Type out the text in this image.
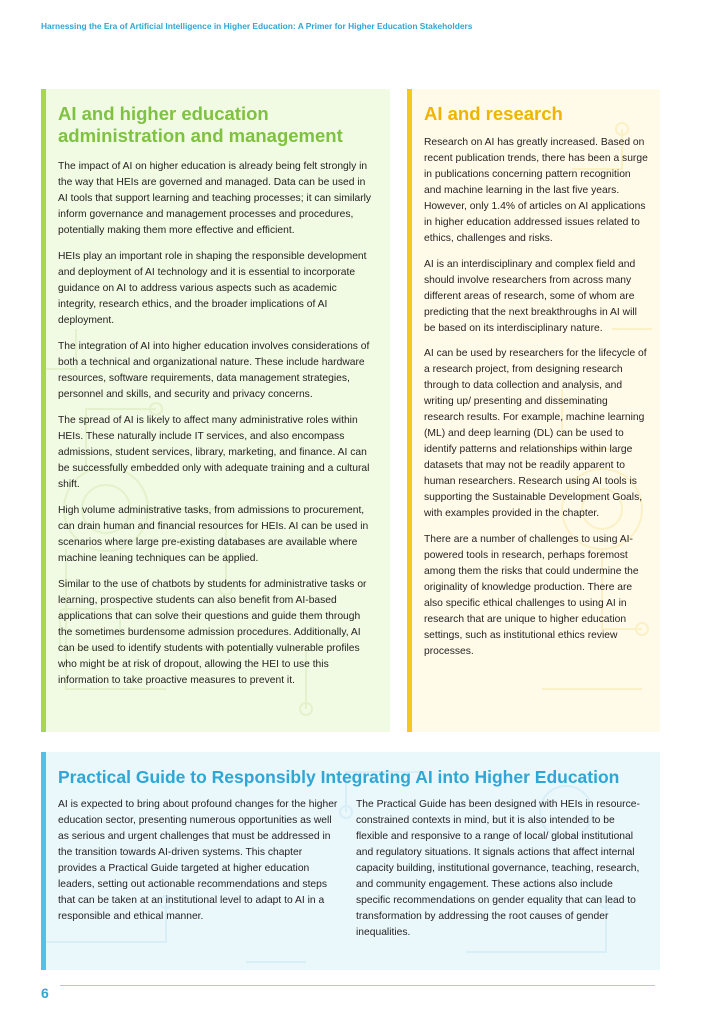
Harnessing the Era of Artificial Intelligence in Higher Education: A Primer for Higher Education Stakeholders
AI and higher education administration and management

The impact of AI on higher education is already being felt strongly in the way that HEIs are governed and managed. Data can be used in AI tools that support learning and teaching processes; it can similarly inform governance and management processes and procedures, potentially making them more effective and efficient.

HEIs play an important role in shaping the responsible development and deployment of AI technology and it is essential to incorporate guidance on AI to address various aspects such as academic integrity, research ethics, and the broader implications of AI deployment.

The integration of AI into higher education involves considerations of both a technical and organizational nature. These include hardware resources, software requirements, data management strategies, personnel and skills, and security and privacy concerns.

The spread of AI is likely to affect many administrative roles within HEIs. These naturally include IT services, and also encompass admissions, student services, library, marketing, and finance. AI can be successfully embedded only with adequate training and a cultural shift.

High volume administrative tasks, from admissions to procurement, can drain human and financial resources for HEIs. AI can be used in scenarios where large pre-existing databases are available where machine leaning techniques can be applied.

Similar to the use of chatbots by students for administrative tasks or learning, prospective students can also benefit from AI-based applications that can solve their questions and guide them through the sometimes burdensome admission procedures. Additionally, AI can be used to identify students with potentially vulnerable profiles who might be at risk of dropout, allowing the HEI to use this information to take proactive measures to prevent it.

AI and research

Research on AI has greatly increased. Based on recent publication trends, there has been a surge in publications concerning pattern recognition and machine learning in the last five years. However, only 1.4% of articles on AI applications in higher education addressed issues related to ethics, challenges and risks.

AI is an interdisciplinary and complex field and should involve researchers from across many different areas of research, some of whom are predicting that the next breakthroughs in AI will be based on its interdisciplinary nature.

AI can be used by researchers for the lifecycle of a research project, from designing research through to data collection and analysis, and writing up/ presenting and disseminating research results. For example, machine learning (ML) and deep learning (DL) can be used to identify patterns and relationships within large datasets that may not be readily apparent to human researchers. Research using AI tools is supporting the Sustainable Development Goals, with examples provided in the chapter.

There are a number of challenges to using AI-powered tools in research, perhaps foremost among them the risks that could undermine the originality of knowledge production. There are also specific ethical challenges to using AI in research that are unique to higher education settings, such as institutional ethics review processes.

Practical Guide to Responsibly Integrating AI into Higher Education

AI is expected to bring about profound changes for the higher education sector, presenting numerous opportunities as well as serious and urgent challenges that must be addressed in the transition towards AI-driven systems. This chapter provides a Practical Guide targeted at higher education leaders, setting out actionable recommendations and steps that can be taken at an institutional level to adapt to AI in a responsible and ethical manner.

The Practical Guide has been designed with HEIs in resource-constrained contexts in mind, but it is also intended to be flexible and responsive to a range of local/ global institutional and regulatory situations. It signals actions that affect internal capacity building, institutional governance, teaching, research, and community engagement. These actions also include specific recommendations on gender equality that can lead to transformation by addressing the root causes of gender inequalities.

6
